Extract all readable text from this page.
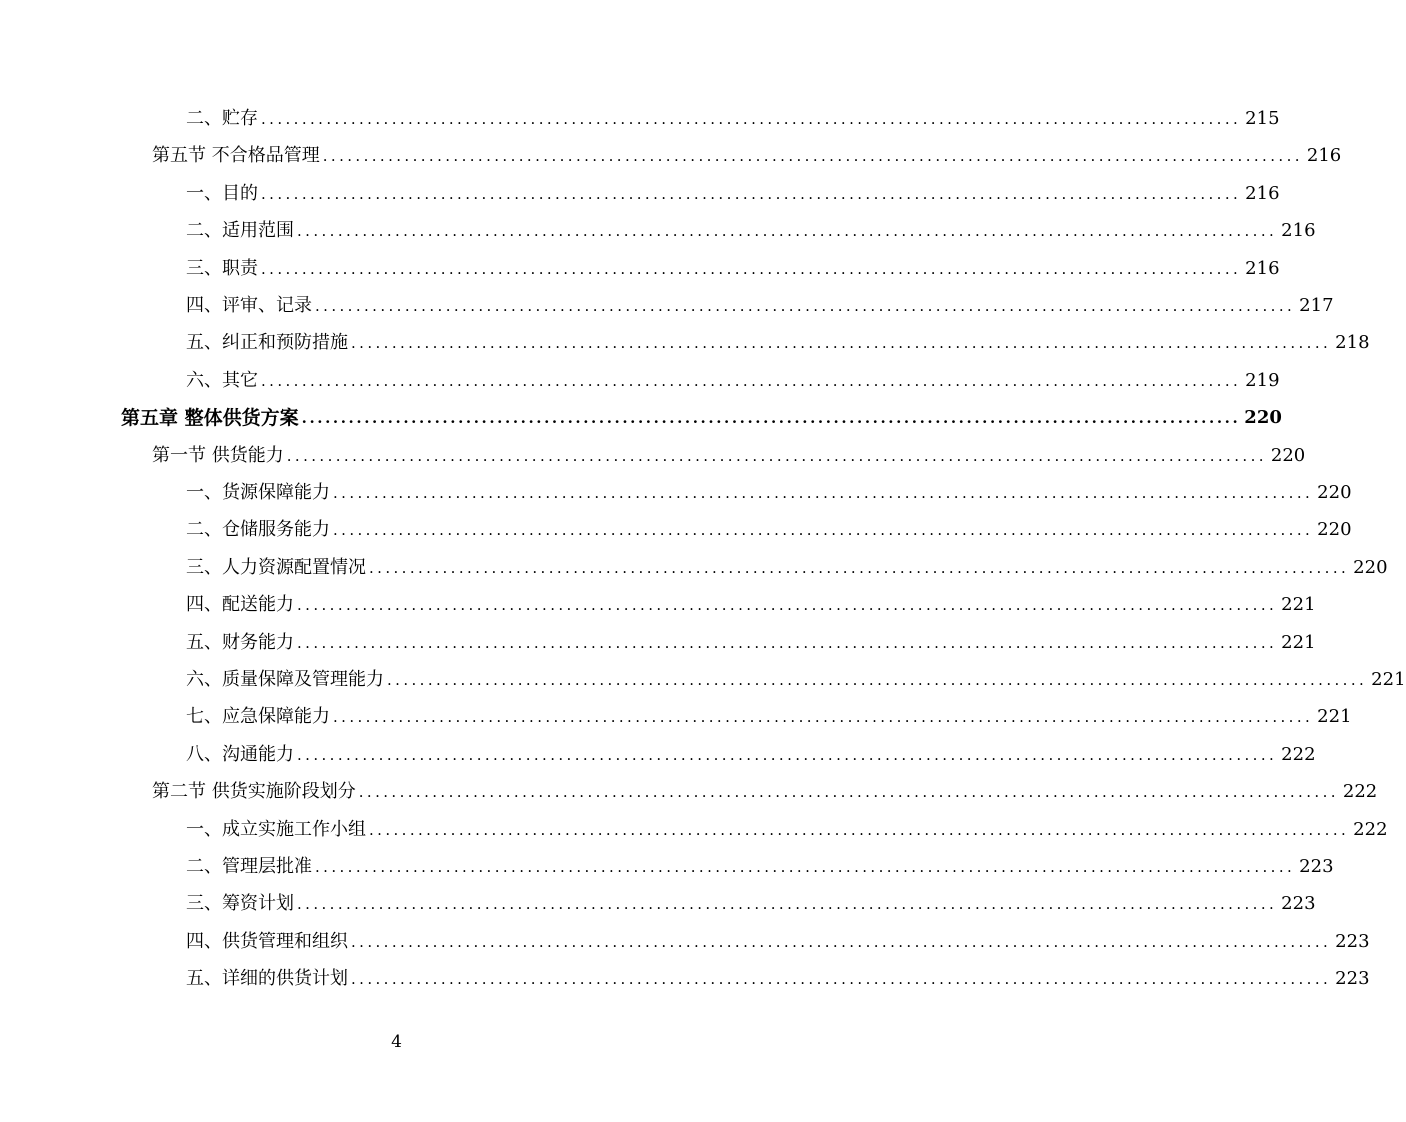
二、贮存 ........................................................................................................................ 215
第五节 不合格品管理 ........................................................................................................................ 216
一、目的 ........................................................................................................................ 216
二、适用范围 ........................................................................................................................ 216
三、职责 ........................................................................................................................ 216
四、评审、记录 ........................................................................................................................ 217
五、纠正和预防措施 ........................................................................................................................ 218
六、其它 ........................................................................................................................ 219
第五章 整体供货方案 ........................................................................................................................ 220
第一节 供货能力 ........................................................................................................................ 220
一、货源保障能力 ........................................................................................................................ 220
二、仓储服务能力 ........................................................................................................................ 220
三、人力资源配置情况 ........................................................................................................................ 220
四、配送能力 ........................................................................................................................ 221
五、财务能力 ........................................................................................................................ 221
六、质量保障及管理能力 ........................................................................................................................ 221
七、应急保障能力 ........................................................................................................................ 221
八、沟通能力 ........................................................................................................................ 222
第二节 供货实施阶段划分 ........................................................................................................................ 222
一、成立实施工作小组 ........................................................................................................................ 222
二、管理层批准 ........................................................................................................................ 223
三、筹资计划 ........................................................................................................................ 223
四、供货管理和组织 ........................................................................................................................ 223
五、详细的供货计划 ........................................................................................................................ 223
4
